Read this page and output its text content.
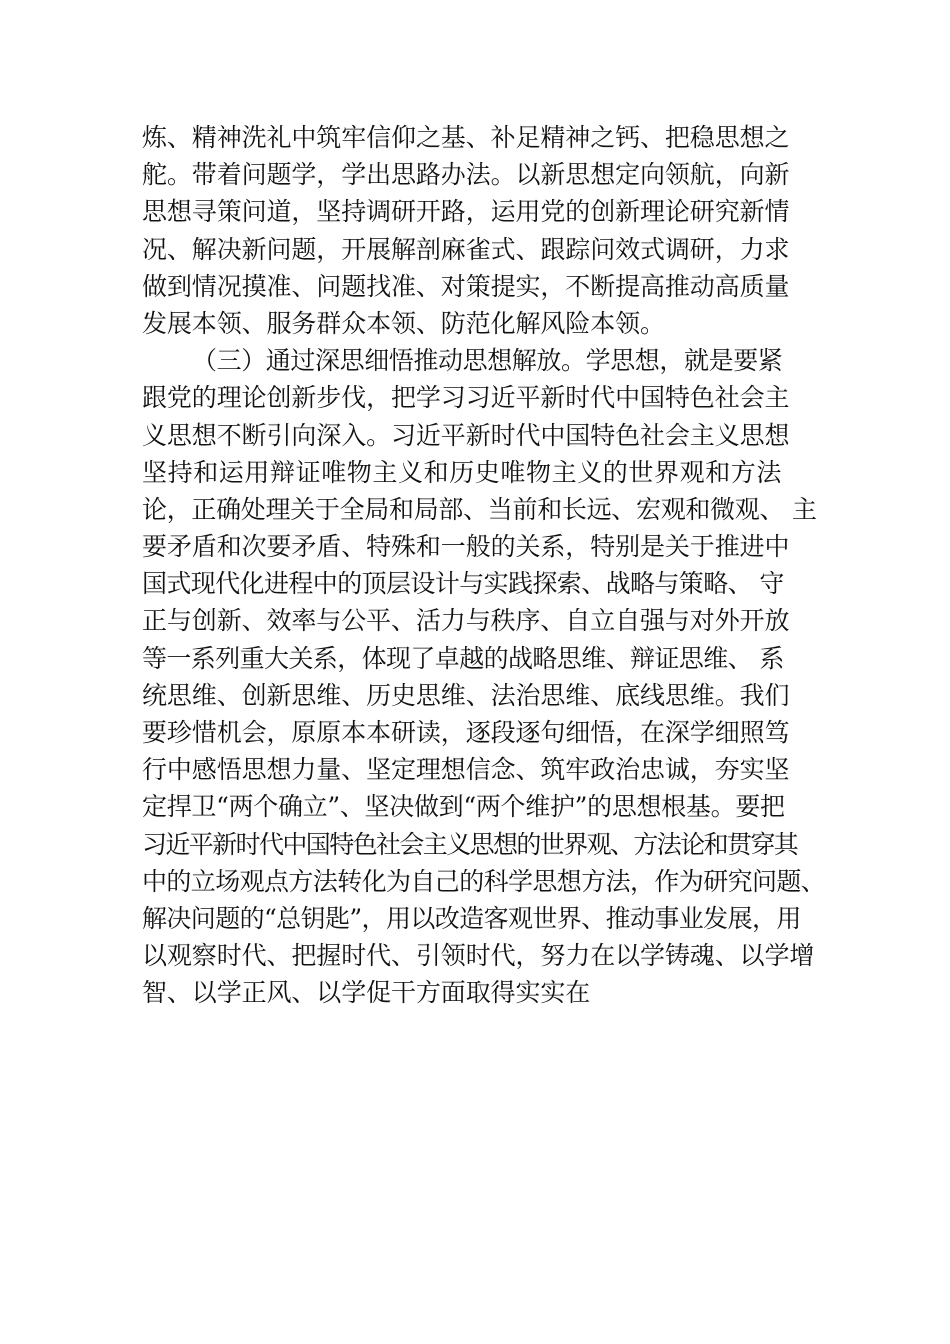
炼、精神洗礼中筑牢信仰之基、补足精神之钙、把稳思想之
舵。带着问题学，学出思路办法。以新思想定向领航，向新
思想寻策问道，坚持调研开路，运用党的创新理论研究新情
况、解决新问题，开展解剖麻雀式、跟踪问效式调研，力求
做到情况摸准、问题找准、对策提实，不断提高推动高质量
发展本领、服务群众本领、防范化解风险本领。
（三）通过深思细悟推动思想解放。学思想，就是要紧
跟党的理论创新步伐，把学习习近平新时代中国特色社会主
义思想不断引向深入。习近平新时代中国特色社会主义思想
坚持和运用辩证唯物主义和历史唯物主义的世界观和方法
论，正确处理关于全局和局部、当前和长远、宏观和微观、 主
要矛盾和次要矛盾、特殊和一般的关系，特别是关于推进中
国式现代化进程中的顶层设计与实践探索、战略与策略、 守
正与创新、效率与公平、活力与秩序、自立自强与对外开放
等一系列重大关系，体现了卓越的战略思维、辩证思维、 系
统思维、创新思维、历史思维、法治思维、底线思维。我们
要珍惜机会，原原本本研读，逐段逐句细悟，在深学细照笃
行中感悟思想力量、坚定理想信念、筑牢政治忠诚，夯实坚
定捍卫“两个确立”、坚决做到“两个维护”的思想根基。要把
习近平新时代中国特色社会主义思想的世界观、方法论和贯穿其
中的立场观点方法转化为自己的科学思想方法，作为研究问题、
解决问题的“总钥匙”，用以改造客观世界、推动事业发展，用
以观察时代、把握时代、引领时代，努力在以学铸魂、以学增
智、以学正风、以学促干方面取得实实在
